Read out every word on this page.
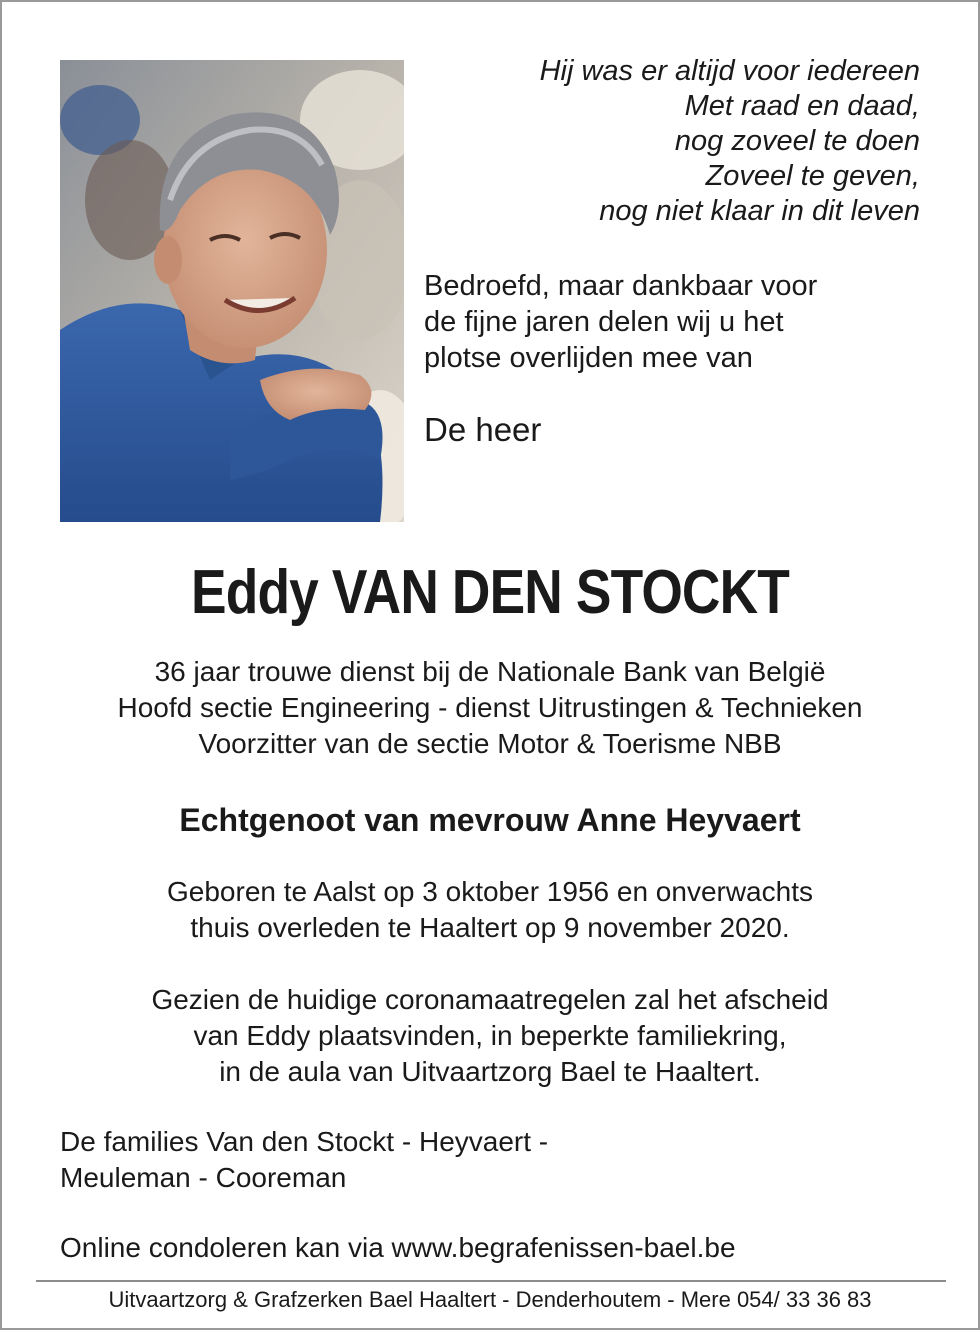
Hij was er altijd voor iedereen
Met raad en daad,
nog zoveel te doen
Zoveel te geven,
nog niet klaar in dit leven

Bedroefd, maar dankbaar voor
de fijne jaren delen wij u het
plotse overlijden mee van

De heer

Eddy VAN DEN STOCKT

36 jaar trouwe dienst bij de Nationale Bank van België
Hoofd sectie Engineering - dienst Uitrustingen & Technieken
Voorzitter van de sectie Motor & Toerisme NBB

Echtgenoot van mevrouw Anne Heyvaert

Geboren te Aalst op 3 oktober 1956 en onverwachts
thuis overleden te Haaltert op 9 november 2020.

Gezien de huidige coronamaatregelen zal het afscheid
van Eddy plaatsvinden, in beperkte familiekring,
in de aula van Uitvaartzorg Bael te Haaltert.

De families Van den Stockt - Heyvaert -
Meuleman - Cooreman

Online condoleren kan via www.begrafenissen-bael.be

Uitvaartzorg & Grafzerken Bael Haaltert - Denderhoutem - Mere 054/ 33 36 83
